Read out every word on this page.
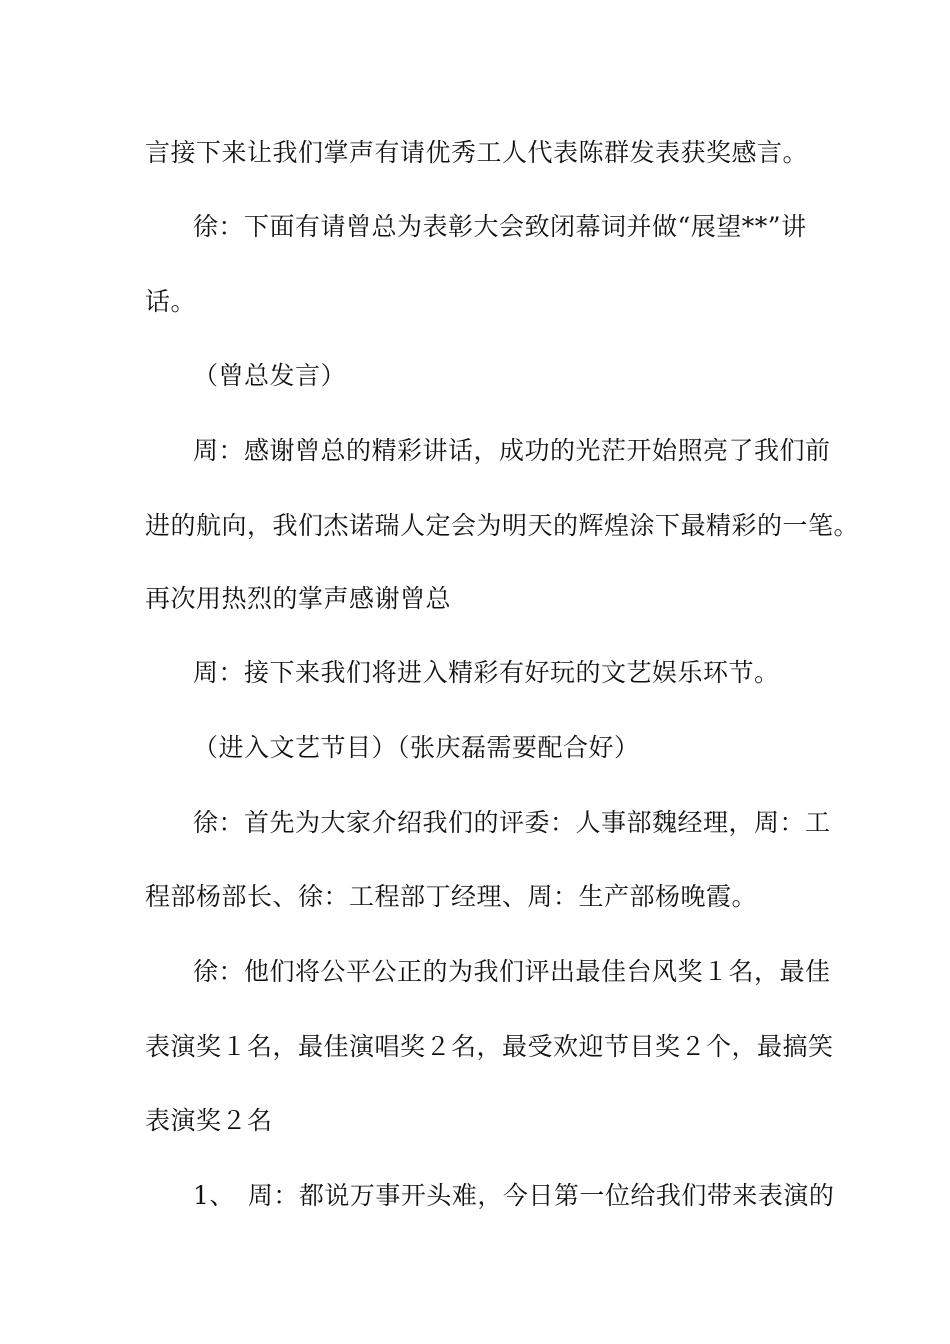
言接下来让我们掌声有请优秀工人代表陈群发表获奖感言。
徐：下面有请曾总为表彰大会致闭幕词并做“展望**”讲
话。
（曾总发言）
周：感谢曾总的精彩讲话，成功的光茫开始照亮了我们前
进的航向，我们杰诺瑞人定会为明天的辉煌涂下最精彩的一笔。
再次用热烈的掌声感谢曾总
周：接下来我们将进入精彩有好玩的文艺娱乐环节。
（进入文艺节目）（张庆磊需要配合好）
徐：首先为大家介绍我们的评委：人事部魏经理，周：工
程部杨部长、徐：工程部丁经理、周：生产部杨晚霞。
徐：他们将公平公正的为我们评出最佳台风奖１名，最佳
表演奖１名，最佳演唱奖２名，最受欢迎节目奖２个，最搞笑
表演奖２名
1、　周：都说万事开头难，今日第一位给我们带来表演的
